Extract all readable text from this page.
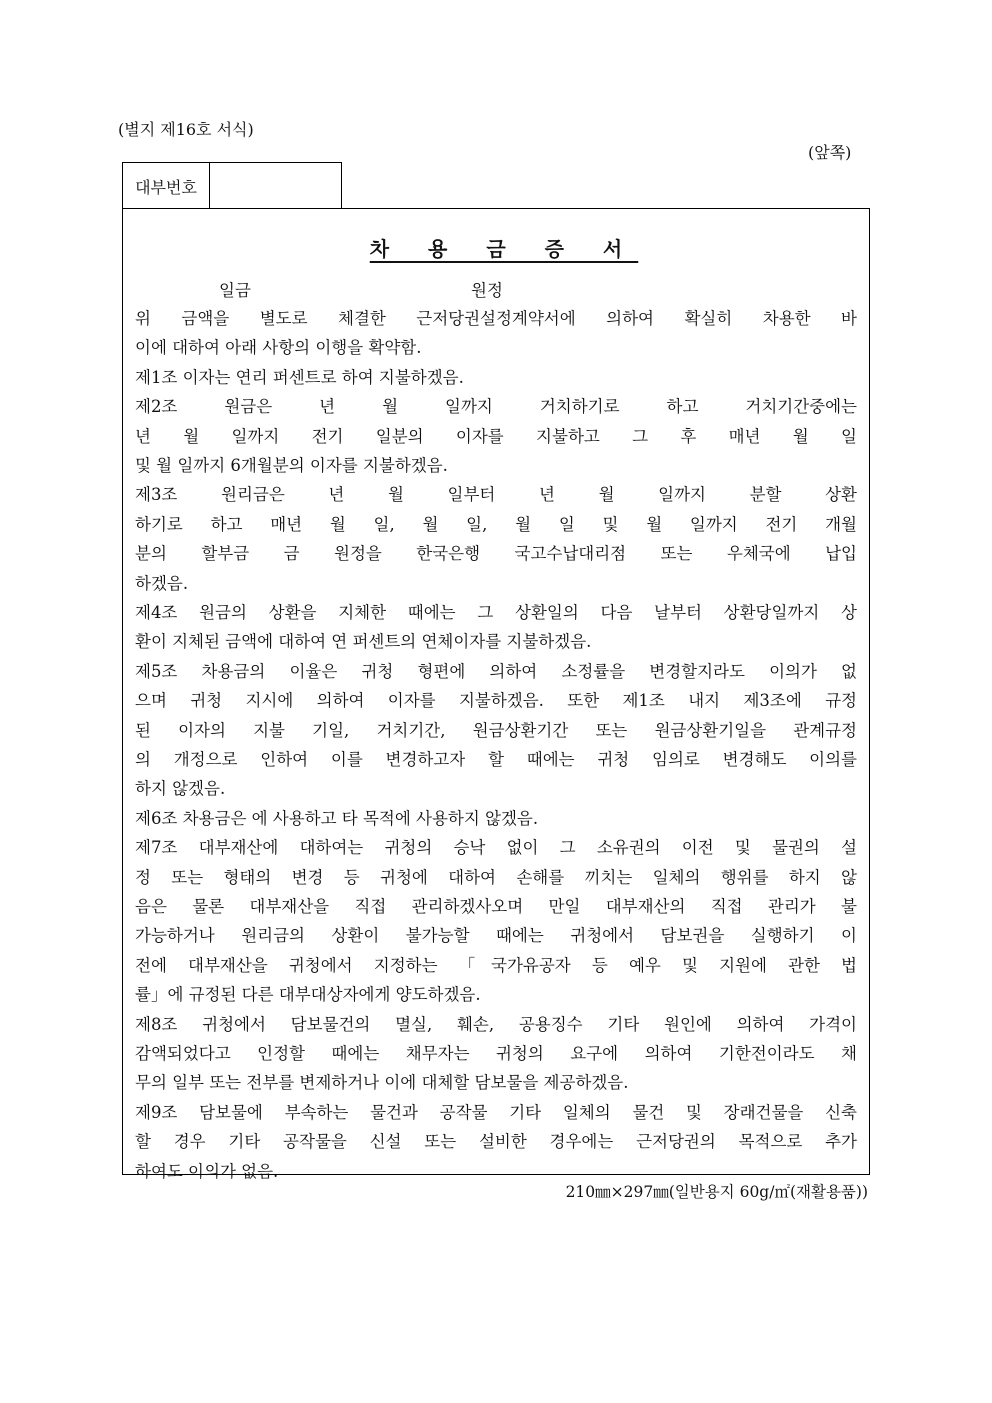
(별지 제16호 서식)
(앞쪽)
대부번호
차 용 금 증 서
일금	원정
위 금액을 별도로 체결한 근저당권설정계약서에 의하여 확실히 차용한 바
이에 대하여 아래 사항의 이행을 확약함.
제1조 이자는 연리 퍼센트로 하여 지불하겠음.
제2조 원금은 년 월 일까지 거치하기로 하고 거치기간중에는
년 월 일까지 전기 일분의 이자를 지불하고 그 후 매년 월 일
및 월 일까지 6개월분의 이자를 지불하겠음.
제3조 원리금은 년 월 일부터 년 월 일까지 분할 상환
하기로 하고 매년 월 일, 월 일, 월 일 및 월 일까지 전기 개월
분의 할부금 금 원정을 한국은행 국고수납대리점 또는 우체국에 납입
하겠음.
제4조 원금의 상환을 지체한 때에는 그 상환일의 다음 날부터 상환당일까지 상
환이 지체된 금액에 대하여 연 퍼센트의 연체이자를 지불하겠음.
제5조 차용금의 이율은 귀청 형편에 의하여 소정률을 변경할지라도 이의가 없
으며 귀청 지시에 의하여 이자를 지불하겠음. 또한 제1조 내지 제3조에 규정
된 이자의 지불 기일, 거치기간, 원금상환기간 또는 원금상환기일을 관계규정
의 개정으로 인하여 이를 변경하고자 할 때에는 귀청 임의로 변경해도 이의를
하지 않겠음.
제6조 차용금은 에 사용하고 타 목적에 사용하지 않겠음.
제7조 대부재산에 대하여는 귀청의 승낙 없이 그 소유권의 이전 및 물권의 설
정 또는 형태의 변경 등 귀청에 대하여 손해를 끼치는 일체의 행위를 하지 않
음은 물론 대부재산을 직접 관리하겠사오며 만일 대부재산의 직접 관리가 불
가능하거나 원리금의 상환이 불가능할 때에는 귀청에서 담보권을 실행하기 이
전에 대부재산을 귀청에서 지정하는 「국가유공자 등 예우 및 지원에 관한 법
률」에 규정된 다른 대부대상자에게 양도하겠음.
제8조 귀청에서 담보물건의 멸실, 훼손, 공용징수 기타 원인에 의하여 가격이
감액되었다고 인정할 때에는 채무자는 귀청의 요구에 의하여 기한전이라도 채
무의 일부 또는 전부를 변제하거나 이에 대체할 담보물을 제공하겠음.
제9조 담보물에 부속하는 물건과 공작물 기타 일체의 물건 및 장래건물을 신축
할 경우 기타 공작물을 신설 또는 설비한 경우에는 근저당권의 목적으로 추가
하여도 이의가 없음.
210㎜×297㎜(일반용지 60g/㎡(재활용품))
